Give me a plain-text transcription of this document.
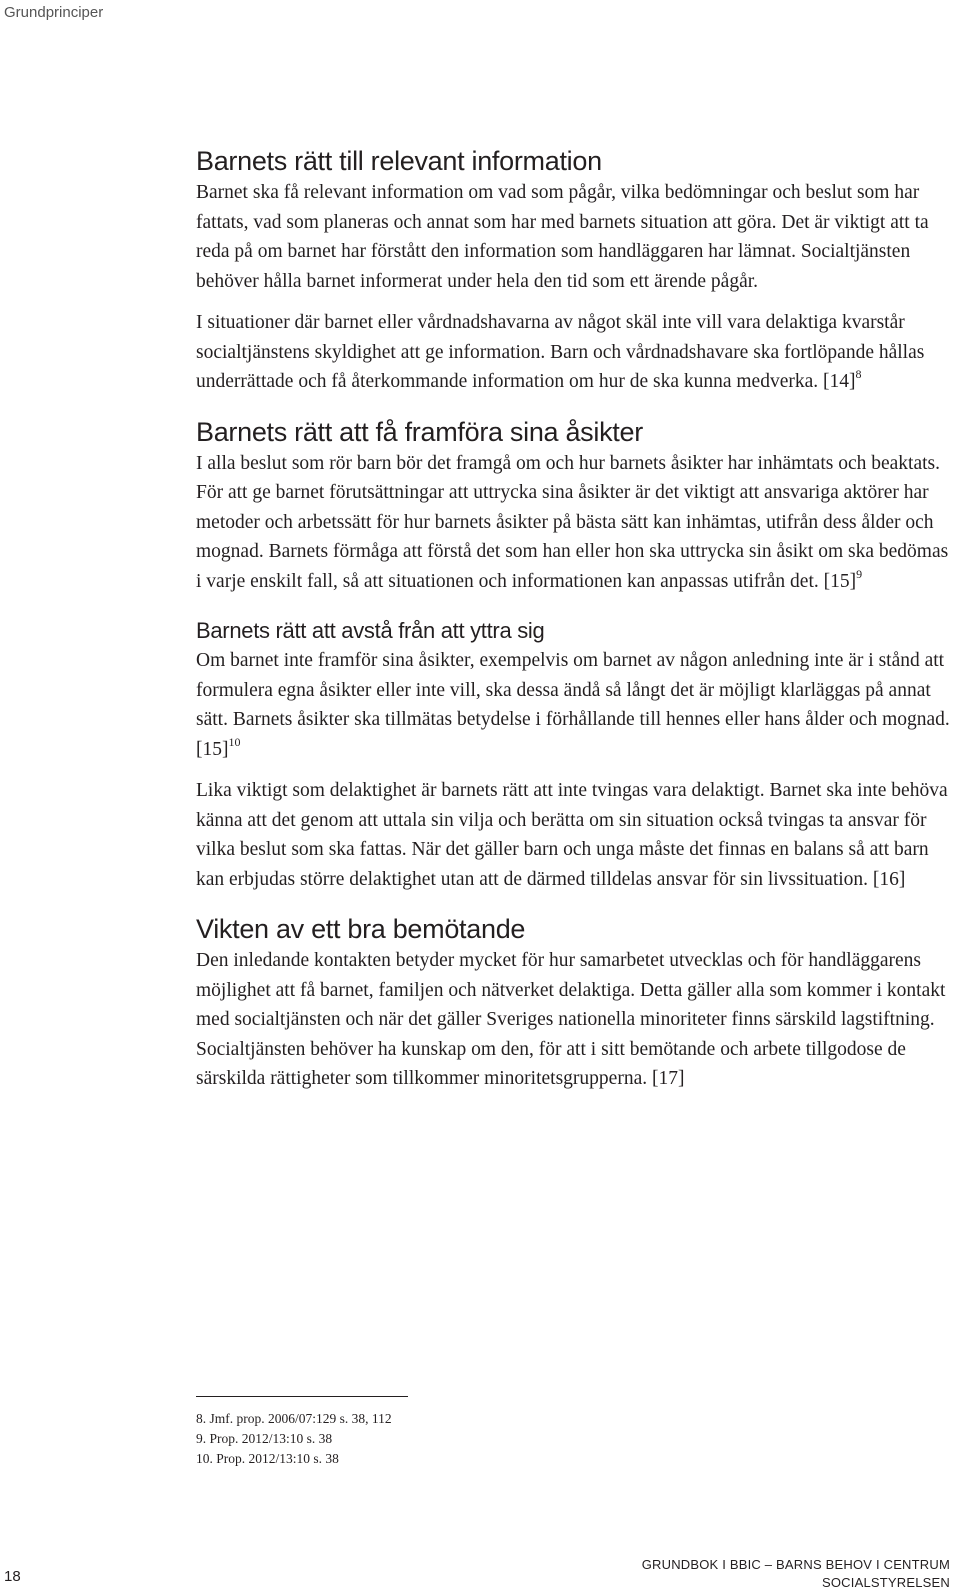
Grundprinciper
Barnets rätt till relevant information

Barnet ska få relevant information om vad som pågår, vilka bedömningar och beslut som har fattats, vad som planeras och annat som har med barnets situation att göra. Det är viktigt att ta reda på om barnet har förstått den information som handläggaren har lämnat. Socialtjänsten behöver hålla barnet informerat under hela den tid som ett ärende pågår.

I situationer där barnet eller vårdnadshavarna av något skäl inte vill vara delaktiga kvarstår socialtjänstens skyldighet att ge information. Barn och vårdnadshavare ska fortlöpande hållas underrättade och få återkommande information om hur de ska kunna medverka. $[14]^8$

Barnets rätt att få framföra sina åsikter

I alla beslut som rör barn bör det framgå om och hur barnets åsikter har inhämtats och beaktats. För att ge barnet förutsättningar att uttrycka sina åsikter är det viktigt att ansvariga aktörer har metoder och arbetssätt för hur barnets åsikter på bästa sätt kan inhämtas, utifrån dess ålder och mognad. Barnets förmåga att förstå det som han eller hon ska uttrycka sin åsikt om ska bedömas i varje enskilt fall, så att situationen och informationen kan anpassas utifrån det. $[15]^9$

Barnets rätt att avstå från att yttra sig

Om barnet inte framför sina åsikter, exempelvis om barnet av någon anledning inte är i stånd att formulera egna åsikter eller inte vill, ska dessa ändå så långt det är möjligt klarläggas på annat sätt. Barnets åsikter ska tillmätas betydelse i förhållande till hennes eller hans ålder och mognad. $[15]^{10}$

Lika viktigt som delaktighet är barnets rätt att inte tvingas vara delaktigt. Barnet ska inte behöva känna att det genom att uttala sin vilja och berätta om sin situation också tvingas ta ansvar för vilka beslut som ska fattas. När det gäller barn och unga måste det finnas en balans så att barn kan erbjudas större delaktighet utan att de därmed tilldelas ansvar för sin livssituation. [16]

Vikten av ett bra bemötande

Den inledande kontakten betyder mycket för hur samarbetet utvecklas och för handläggarens möjlighet att få barnet, familjen och nätverket delaktiga. Detta gäller alla som kommer i kontakt med socialtjänsten och när det gäller Sveriges nationella minoriteter finns särskild lagstiftning. Socialtjänsten behöver ha kunskap om den, för att i sitt bemötande och arbete tillgodose de särskilda rättigheter som tillkommer minoritetsgrupperna. [17]

8. Jmf. prop. 2006/07:129 s. 38, 112
9. Prop. 2012/13:10 s. 38
10. Prop. 2012/13:10 s. 38
18
GRUNDBOK I BBIC – BARNS BEHOV I CENTRUM
SOCIALSTYRELSEN
